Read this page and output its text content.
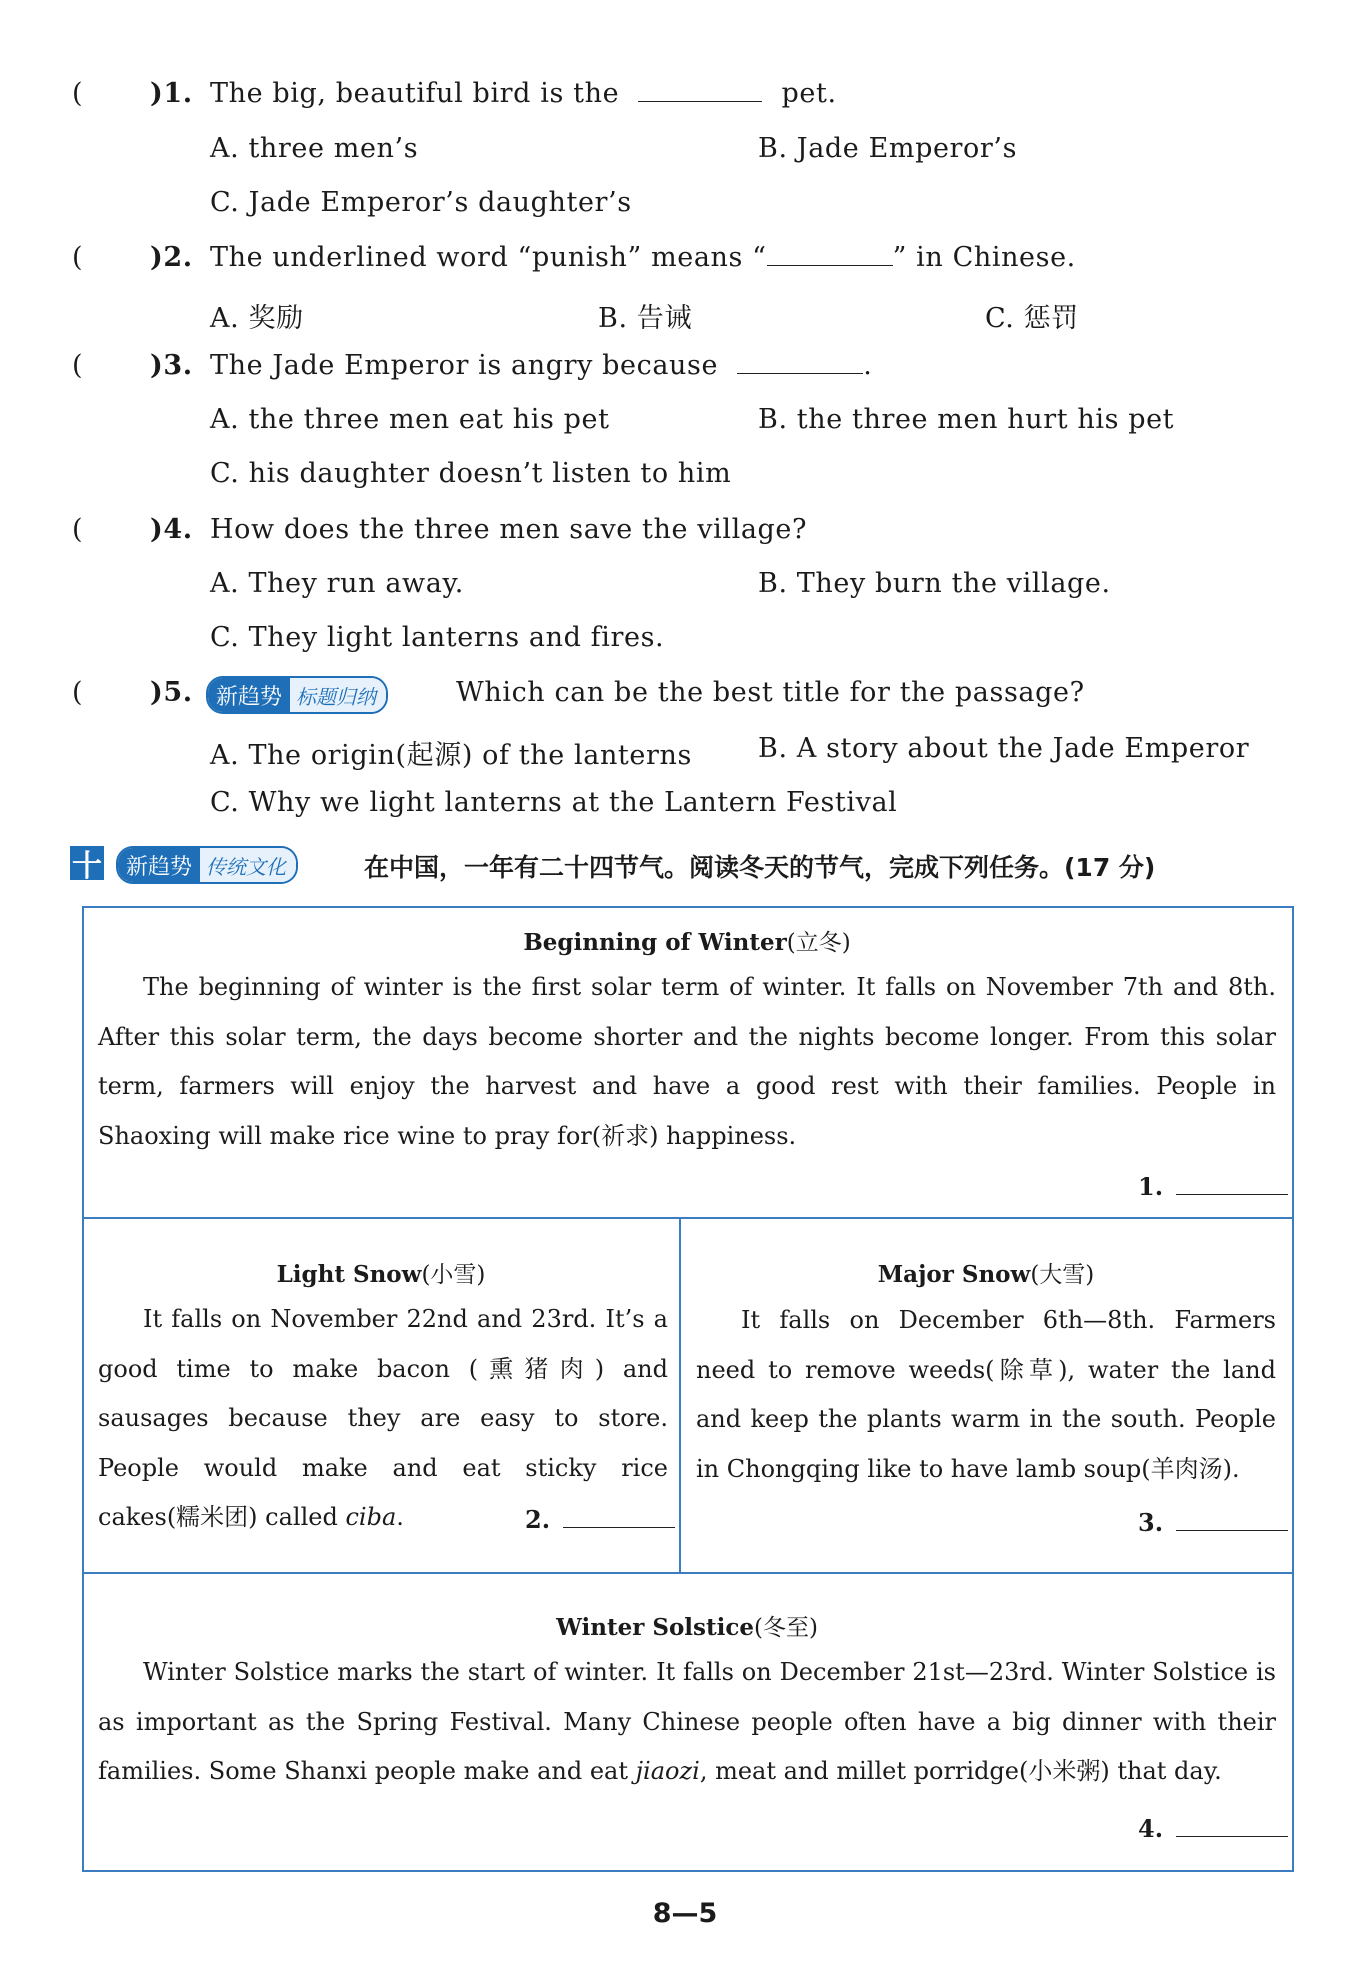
( )1. The big, beautiful bird is the	pet.
A. three men’s	B. Jade Emperor’s
C. Jade Emperor’s daughter’s
( )2. The underlined word “punish” means “	” in Chinese.
A. 奖励	B. 告诫	C. 惩罚
( )3. The Jade Emperor is angry because	.
A. the three men eat his pet	B. the three men hurt his pet
C. his daughter doesn’t listen to him
( )4. How does the three men save the village?
A. They run away.	B. They burn the village.
C. They light lanterns and fires.
( )5.	新趋势 标题归纳	Which can be the best title for the passage?
A. The origin(起源) of the lanterns B. A story about the Jade Emperor
C. Why we light lanterns at the Lantern Festival
十	新趋势 传统文化	在中国，一年有二十四节气。阅读冬天的节气，完成下列任务。(17 分)
Beginning of Winter(立冬)
The beginning of winter is the first solar term of winter. It falls on November 7th and 8th. After this solar term, the days become shorter and the nights become longer. From this solar term, farmers will enjoy the harvest and have a good rest with their families. People in Shaoxing will make rice wine to pray for(祈求) happiness.
1.
Light Snow(小雪)
It falls on November 22nd and 23rd. It’s a good time to make bacon (熏猪肉) and sausages because they are easy to store. People would make and eat sticky rice cakes(糯米团) called ciba.	2.
Major Snow(大雪)
It falls on December 6th—8th. Farmers need to remove weeds(除草), water the land and keep the plants warm in the south. People in Chongqing like to have lamb soup(羊肉汤).
3.
Winter Solstice(冬至)
Winter Solstice marks the start of winter. It falls on December 21st—23rd. Winter Solstice is as important as the Spring Festival. Many Chinese people often have a big dinner with their families. Some Shanxi people make and eat jiaozi, meat and millet porridge(小米粥) that day.
4.
8—5
